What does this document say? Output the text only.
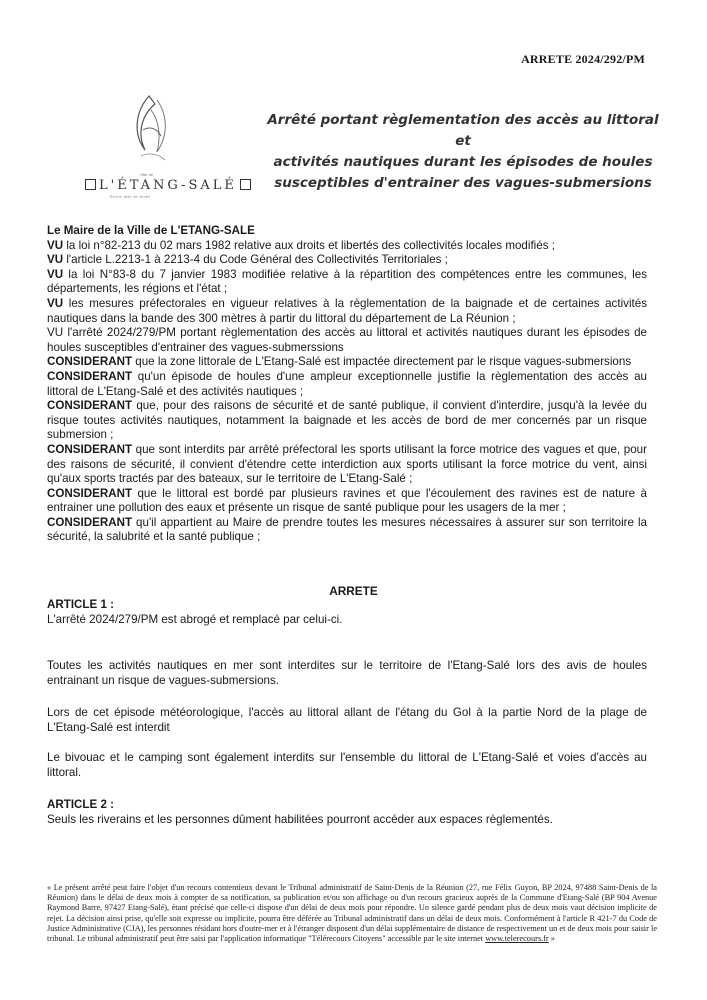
ARRETE 2024/292/PM
Ville de
L'ÉTANG-SALÉ
Entre mer et forêt
Arrêté portant règlementation des accès au littoral et
activités nautiques durant les épisodes de houles
susceptibles d'entrainer des vagues-submersions

Le Maire de la Ville de L'ETANG-SALE

VU la loi n°82-213 du 02 mars 1982 relative aux droits et libertés des collectivités locales modifiés ;

VU l'article L.2213-1 à 2213-4 du Code Général des Collectivités Territoriales ;

VU la loi N°83-8 du 7 janvier 1983 modifiée relative à la répartition des compétences entre les communes, les départements, les régions et l'état ;

VU les mesures préfectorales en vigueur relatives à la règlementation de la baignade et de certaines activités nautiques dans la bande des 300 mètres à partir du littoral du département de La Réunion ;

VU l'arrêté 2024/279/PM portant règlementation des accès au littoral et activités nautiques durant les épisodes de houles susceptibles d'entrainer des vagues-submerssions

CONSIDERANT que la zone littorale de L'Etang-Salé est impactée directement par le risque vagues-submersions

CONSIDERANT qu'un épisode de houles d'une ampleur exceptionnelle justifie la règlementation des accès au littoral de L'Etang-Salé et des activités nautiques ;

CONSIDERANT que, pour des raisons de sécurité et de santé publique, il convient d'interdire, jusqu'à la levée du risque toutes activités nautiques, notamment la baignade et les accès de bord de mer concernés par un risque submersion ;

CONSIDERANT que sont interdits par arrêté préfectoral les sports utilisant la force motrice des vagues et que, pour des raisons de sécurité, il convient d'étendre cette interdiction aux sports utilisant la force motrice du vent, ainsi qu'aux sports tractés par des bateaux, sur le territoire de L'Etang-Salé ;

CONSIDERANT que le littoral est bordé par plusieurs ravines et que l'écoulement des ravines est de nature à entrainer une pollution des eaux et présente un risque de santé publique pour les usagers de la mer ;

CONSIDERANT qu'il appartient au Maire de prendre toutes les mesures nécessaires à assurer sur son territoire la sécurité, la salubrité et la santé publique ;

ARRETE
ARTICLE 1 :
L'arrêté 2024/279/PM est abrogé et remplacé par celui-ci.
Toutes les activités nautiques en mer sont interdites sur le territoire de l'Etang-Salé lors des avis de houles entrainant un risque de vagues-submersions.
Lors de cet épisode météorologique, l'accès au littoral allant de l'étang du Gol à la partie Nord de la plage de L'Etang-Salé est interdit
Le bivouac et le camping sont également interdits sur l'ensemble du littoral de L'Etang-Salé et voies d'accès au littoral.
ARTICLE 2 :
Seuls les riverains et les personnes dûment habilitées pourront accéder aux espaces règlementés.
« Le présent arrêté peut faire l'objet d'un recours contentieux devant le Tribunal administratif de Saint-Denis de la Réunion (27, rue Félix Guyon, BP 2024, 97488 Saint-Denis de la Réunion) dans le délai de deux mois à compter de sa notification, sa publication et/ou son affichage ou d'un recours gracieux auprès de la Commune d'Etang-Salé (BP 904 Avenue Raymond Barre, 97427 Etang-Salé), étant précisé que celle-ci dispose d'un délai de deux mois pour répondre. Un silence gardé pendant plus de deux mois vaut décision implicite de rejet. La décision ainsi prise, qu'elle soit expresse ou implicite, pourra être déférée au Tribunal administratif dans un délai de deux mois. Conformément à l'article R 421-7 du Code de Justice Administrative (CJA), les personnes résidant hors d'outre-mer et à l'étranger disposent d'un délai supplémentaire de distance de respectivement un et de deux mois pour saisir le tribunal. Le tribunal administratif peut être saisi par l'application informatique "Télérecours Citoyens" accessible par le site internet www.telerecours.fr »
